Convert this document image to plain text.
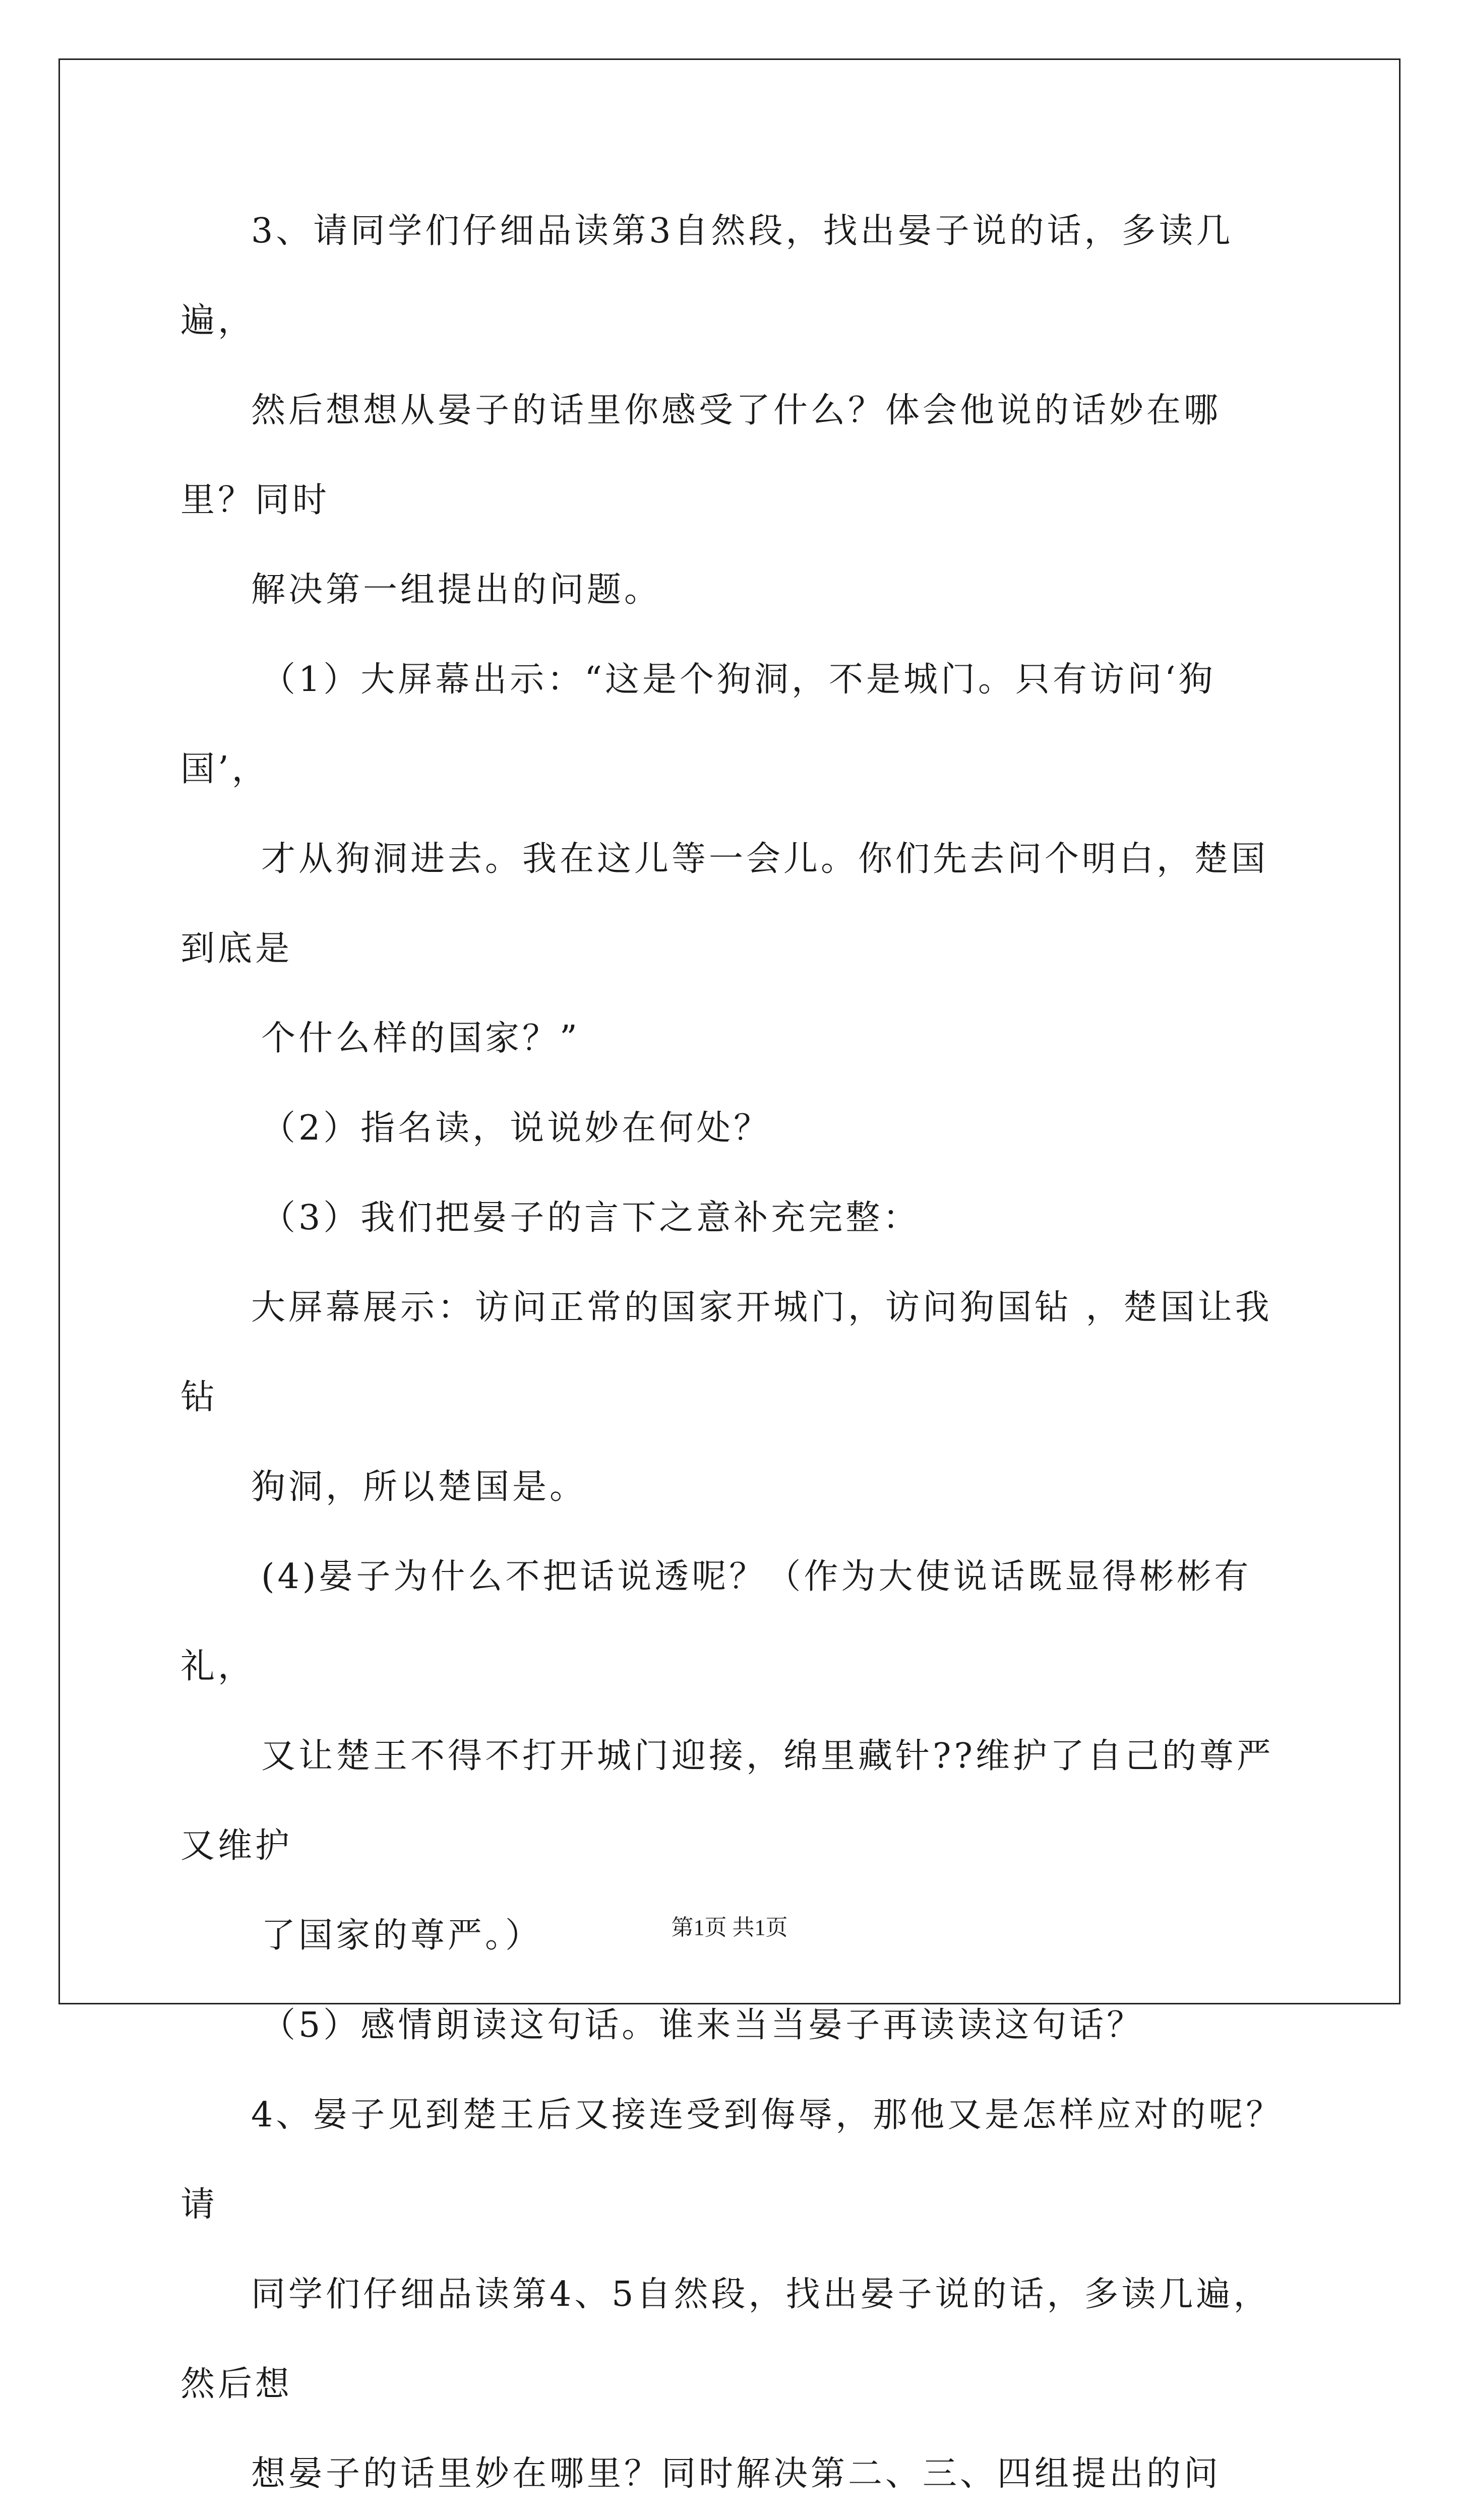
3、请同学们仔细品读第3自然段，找出晏子说的话，多读几遍，
然后想想从晏子的话里你感受了什么？体会他说的话妙在哪里？同时
解决第一组提出的问题。

（1）大屏幕出示：“这是个狗洞，不是城门。只有访问‘狗国’，
才从狗洞进去。我在这儿等一会儿。你们先去问个明白，楚国到底是
个什么样的国家？”

（2）指名读，说说妙在何处？

（3）我们把晏子的言下之意补充完整：

大屏幕展示：访问正常的国家开城门，访问狗国钻 ，楚国让我钻
狗洞，所以楚国是。

(4)晏子为什么不把话说透呢？（作为大使说话既显得彬彬有礼，
又让楚王不得不打开城门迎接，绵里藏针??维护了自己的尊严又维护
了国家的尊严。）

（5）感情朗读这句话。谁来当当晏子再读读这句话？

4、晏子见到楚王后又接连受到侮辱，那他又是怎样应对的呢？请
同学们仔细品读第4、5自然段，找出晏子说的话，多读几遍，然后想
想晏子的话里妙在哪里？同时解决第二、三、四组提出的问

第1页 共1页
